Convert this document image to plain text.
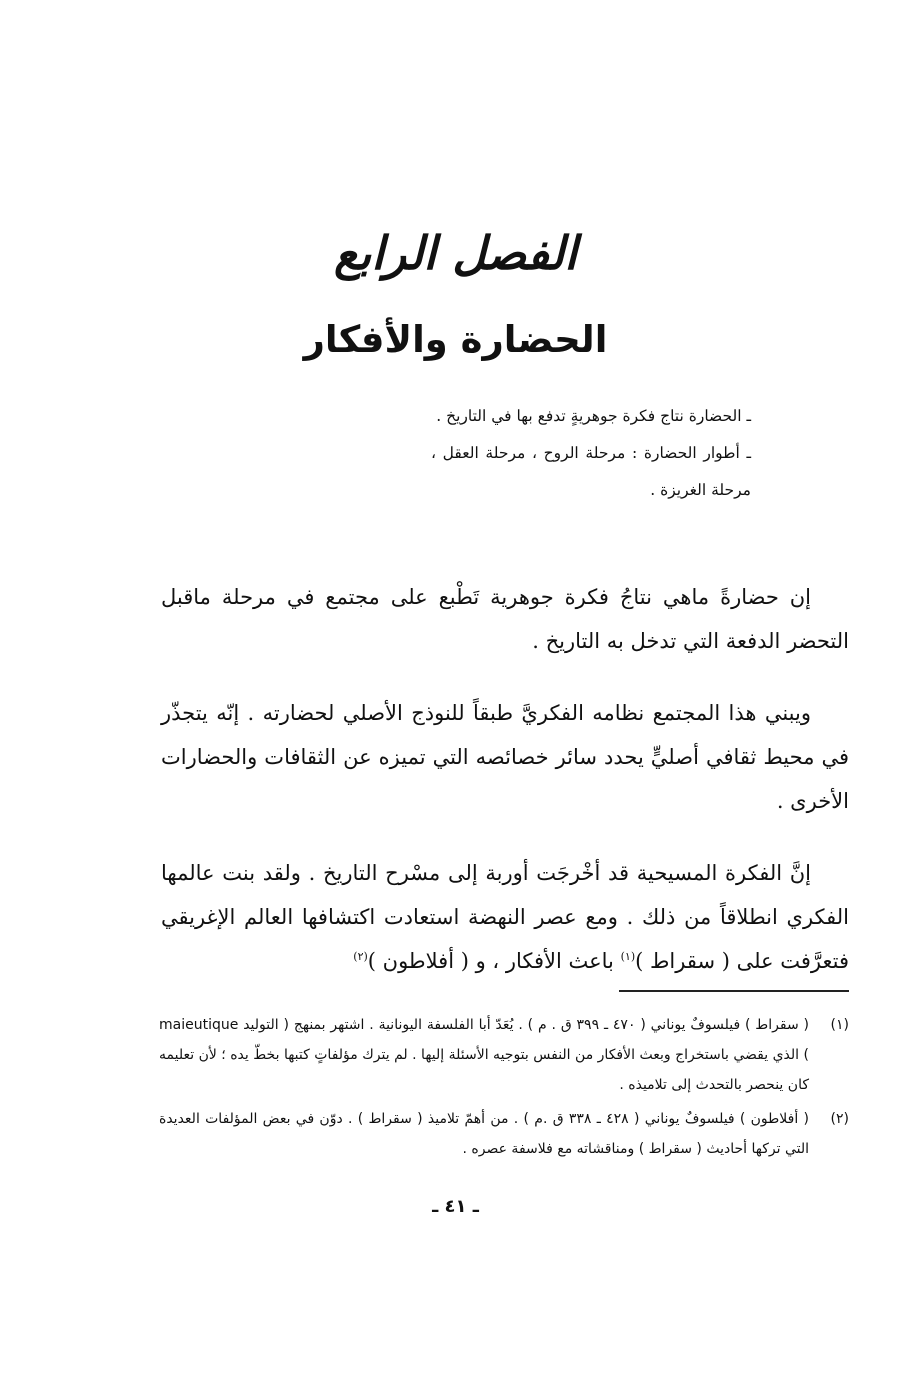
الفصل الرابع
الحضارة والأفكار

ـ الحضارة نتاج فكرة جوهريةٍ تدفع بها في التاريخ .

ـ أطوار الحضارة : مرحلة الروح ، مرحلة العقل ، مرحلة الغريزة .

إن حضارةً ماهي نتاجُ فكرة جوهرية تَطْبع على مجتمع في مرحلة ماقبل التحضر الدفعة التي تدخل به التاريخ .

ويبني هذا المجتمع نظامه الفكريَّ طبقاً للنوذج الأصلي لحضارته . إنّه يتجذّر في محيط ثقافي أصليٍّ يحدد سائر خصائصه التي تميزه عن الثقافات والحضارات الأخرى .

إنَّ الفكرة المسيحية قد أخْرجَت أوربة إلى مسْرح التاريخ . ولقد بنت عالمها الفكري انطلاقاً من ذلك . ومع عصر النهضة استعادت اكتشافها العالم الإغريقي فتعرَّفت على ( سقراط )$^{(١)}$ باعث الأفكار ، و ( أفلاطون )$^{(٢)}$

(١)
( سقراط ) فيلسوفٌ يوناني ( ٤٧٠ ـ ٣٩٩ ق . م ) . يُعَدّ أبا الفلسفة اليونانية . اشتهر بمنهج ( التوليد maieutique ) الذي يقضي باستخراج وبعث الأفكار من النفس بتوجيه الأسئلة إليها . لم يترك مؤلفاتٍ كتبها بخطّ يده ؛ لأن تعليمه كان ينحصر بالتحدث إلى تلاميذه .
(٢)
( أفلاطون ) فيلسوفٌ يوناني ( ٤٢٨ ـ ٣٣٨ ق .م ) . من أهمّ تلاميذ ( سقراط ) . دوّن في بعض المؤلفات العديدة التي تركها أحاديث ( سقراط ) ومناقشاته مع فلاسفة عصره .
ـ ٤١ ـ
